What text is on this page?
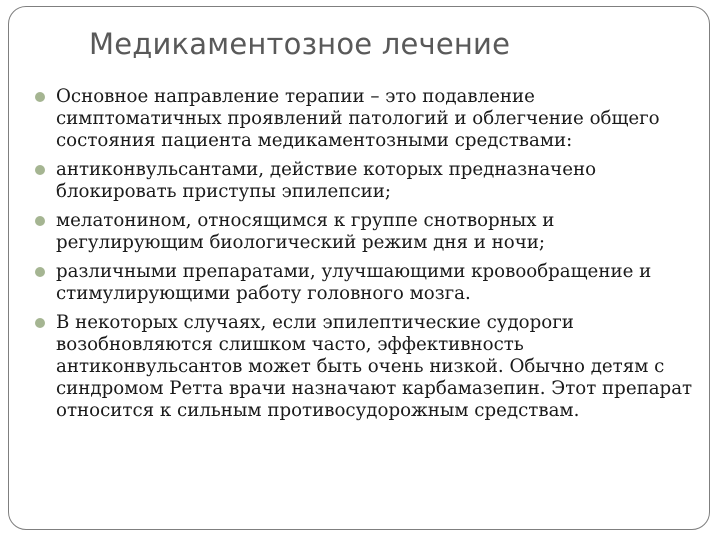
Медикаментозное лечение
Основное направление терапии – это подавление симптоматичных проявлений патологий и облегчение общего состояния пациента медикаментозными средствами:
антиконвульсантами, действие которых предназначено блокировать приступы эпилепсии;
мелатонином, относящимся к группе снотворных и регулирующим биологический режим дня и ночи;
различными препаратами, улучшающими кровообращение и стимулирующими работу головного мозга.
В некоторых случаях, если эпилептические судороги возобновляются слишком часто, эффективность антиконвульсантов может быть очень низкой. Обычно детям с синдромом Ретта врачи назначают карбамазепин. Этот препарат относится к сильным противосудорожным средствам.
